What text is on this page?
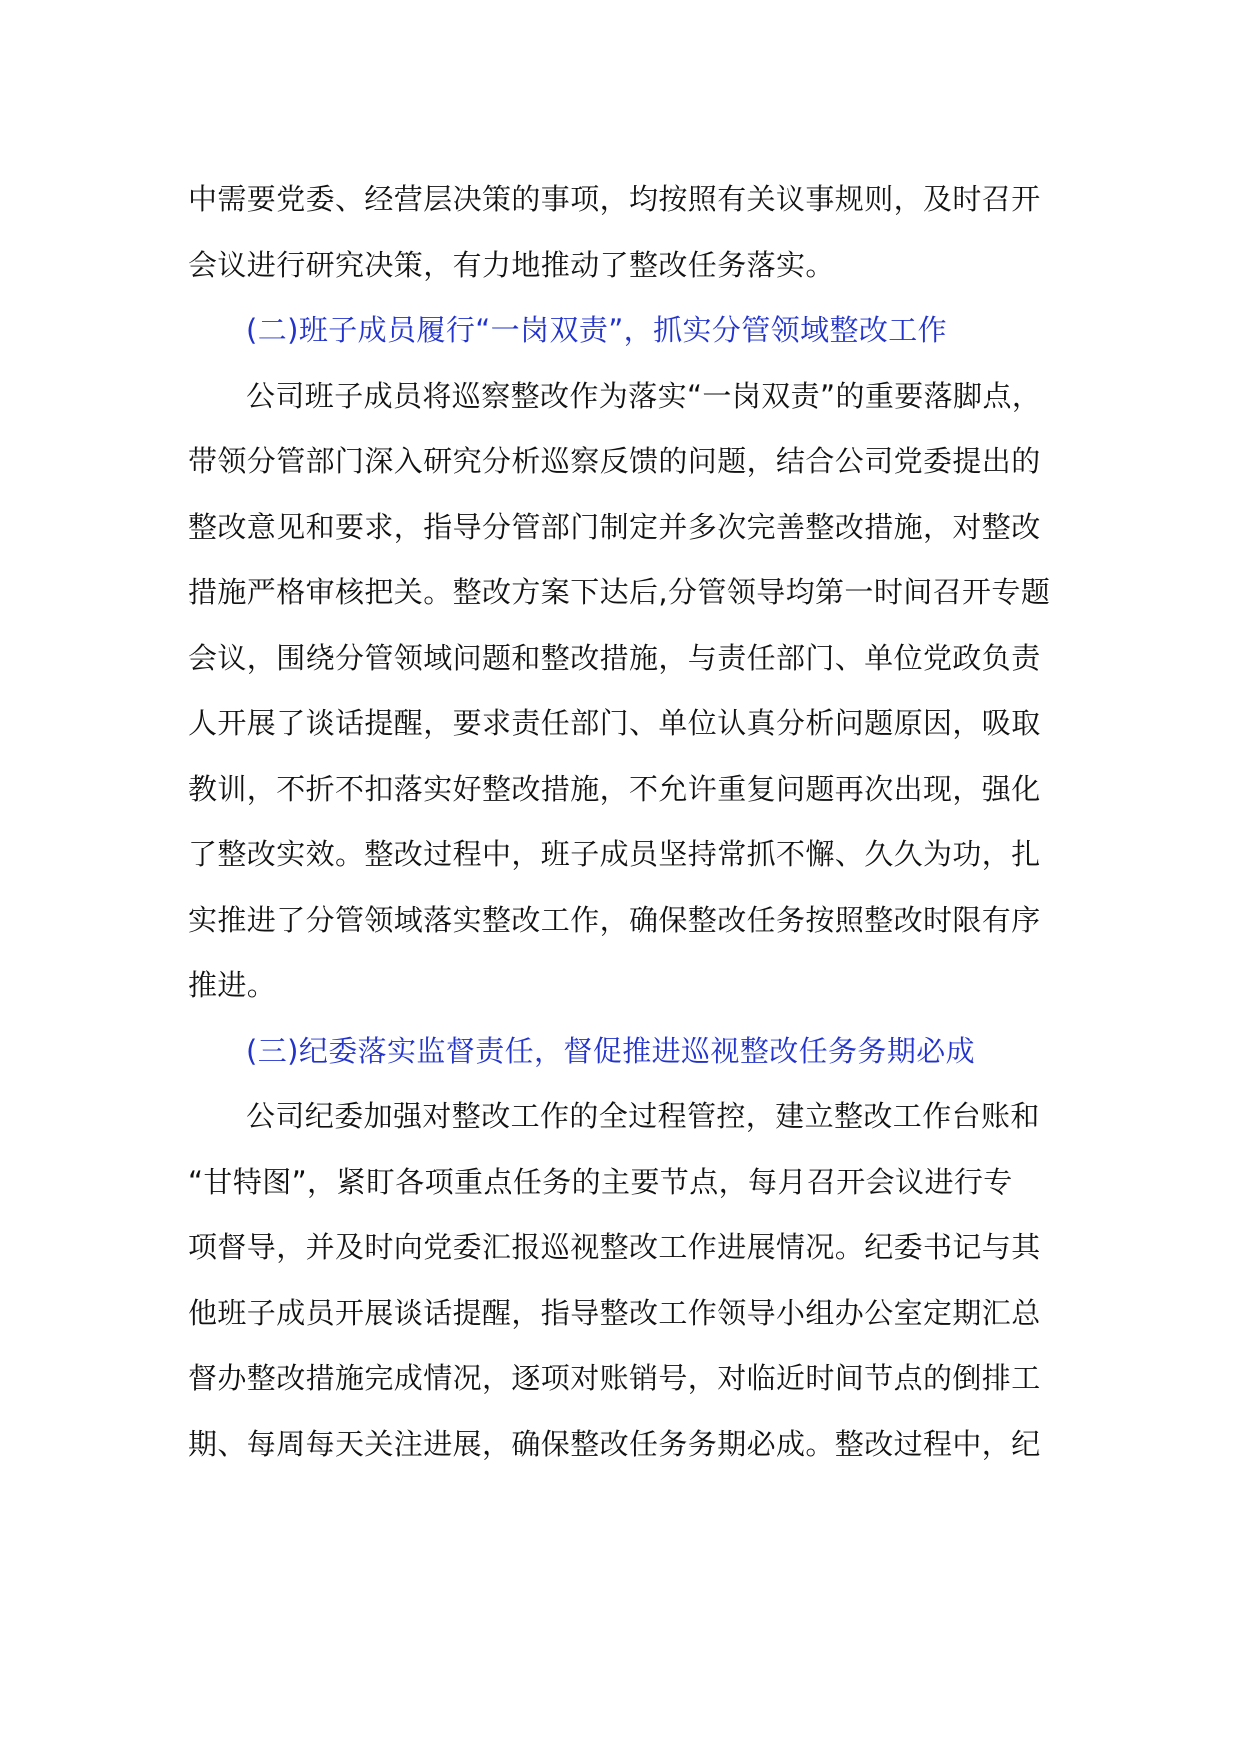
中需要党委、经营层决策的事项，均按照有关议事规则，及时召开
会议进行研究决策，有力地推动了整改任务落实。
(二)班子成员履行“一岗双责”，抓实分管领域整改工作
公司班子成员将巡察整改作为落实“一岗双责”的重要落脚点，
带领分管部门深入研究分析巡察反馈的问题，结合公司党委提出的
整改意见和要求，指导分管部门制定并多次完善整改措施，对整改
措施严格审核把关。整改方案下达后,分管领导均第一时间召开专题
会议，围绕分管领域问题和整改措施，与责任部门、单位党政负责
人开展了谈话提醒，要求责任部门、单位认真分析问题原因，吸取
教训，不折不扣落实好整改措施，不允许重复问题再次出现，强化
了整改实效。整改过程中，班子成员坚持常抓不懈、久久为功，扎
实推进了分管领域落实整改工作，确保整改任务按照整改时限有序
推进。
(三)纪委落实监督责任，督促推进巡视整改任务务期必成
公司纪委加强对整改工作的全过程管控，建立整改工作台账和
“甘特图”，紧盯各项重点任务的主要节点，每月召开会议进行专
项督导，并及时向党委汇报巡视整改工作进展情况。纪委书记与其
他班子成员开展谈话提醒，指导整改工作领导小组办公室定期汇总
督办整改措施完成情况，逐项对账销号，对临近时间节点的倒排工
期、每周每天关注进展，确保整改任务务期必成。整改过程中，纪
